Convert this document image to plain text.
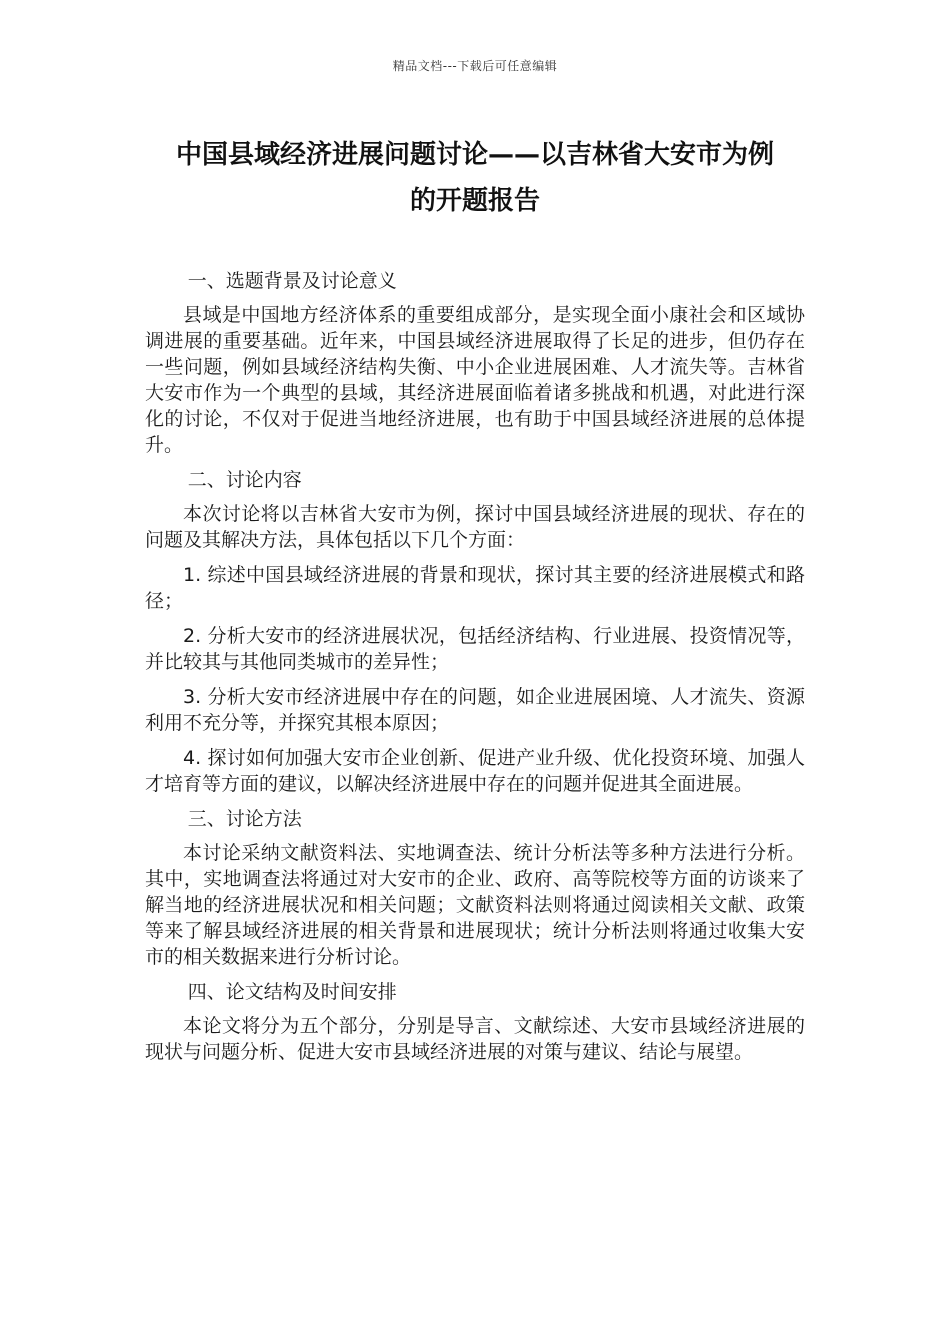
精品文档---下载后可任意编辑
中国县域经济进展问题讨论——以吉林省大安市为例
的开题报告

一、选题背景及讨论意义

县域是中国地方经济体系的重要组成部分，是实现全面小康社会和区域协调进展的重要基础。近年来，中国县域经济进展取得了长足的进步，但仍存在一些问题，例如县域经济结构失衡、中小企业进展困难、人才流失等。吉林省大安市作为一个典型的县域，其经济进展面临着诸多挑战和机遇，对此进行深化的讨论，不仅对于促进当地经济进展，也有助于中国县域经济进展的总体提升。

二、讨论内容

本次讨论将以吉林省大安市为例，探讨中国县域经济进展的现状、存在的问题及其解决方法，具体包括以下几个方面：

1. 综述中国县域经济进展的背景和现状，探讨其主要的经济进展模式和路径；

2. 分析大安市的经济进展状况，包括经济结构、行业进展、投资情况等，并比较其与其他同类城市的差异性；

3. 分析大安市经济进展中存在的问题，如企业进展困境、人才流失、资源利用不充分等，并探究其根本原因；

4. 探讨如何加强大安市企业创新、促进产业升级、优化投资环境、加强人才培育等方面的建议，以解决经济进展中存在的问题并促进其全面进展。

三、讨论方法

本讨论采纳文献资料法、实地调查法、统计分析法等多种方法进行分析。其中，实地调查法将通过对大安市的企业、政府、高等院校等方面的访谈来了解当地的经济进展状况和相关问题；文献资料法则将通过阅读相关文献、政策等来了解县域经济进展的相关背景和进展现状；统计分析法则将通过收集大安市的相关数据来进行分析讨论。

四、论文结构及时间安排

本论文将分为五个部分，分别是导言、文献综述、大安市县域经济进展的现状与问题分析、促进大安市县域经济进展的对策与建议、结论与展望。
